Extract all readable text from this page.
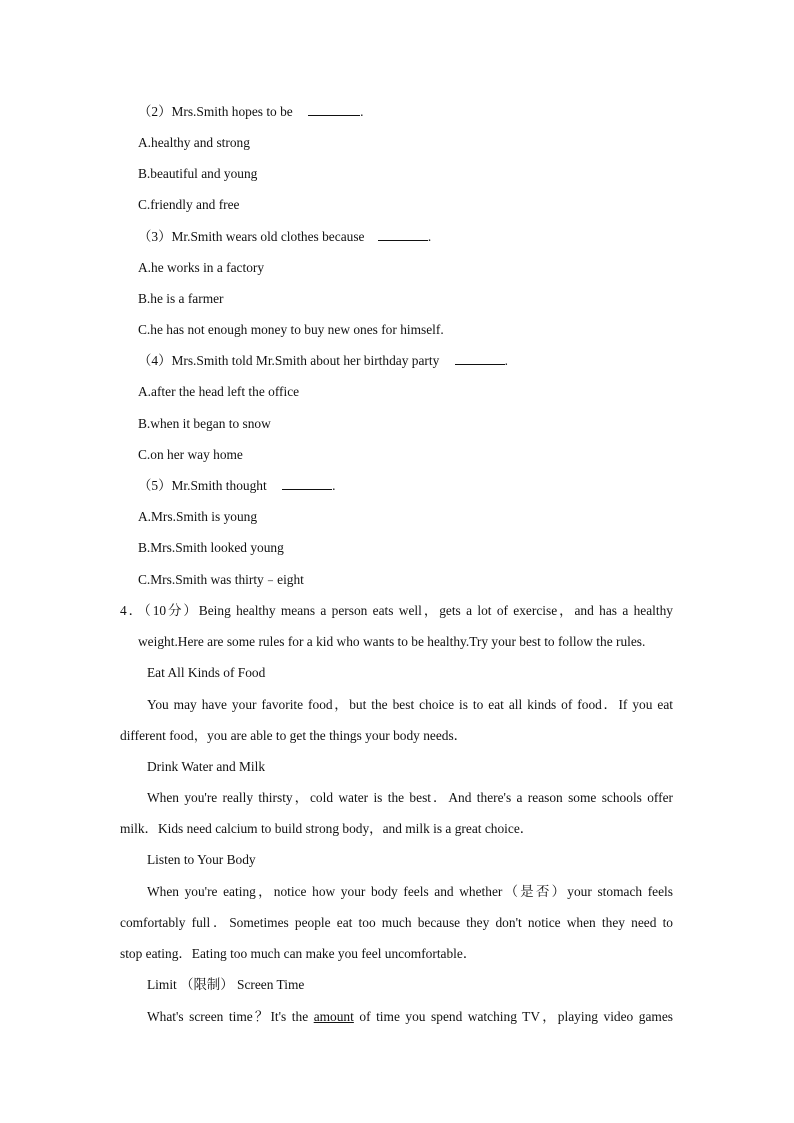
（2）Mrs.Smith hopes to be	.
A.healthy and strong
B.beautiful and young
C.friendly and free
（3）Mr.Smith wears old clothes because	.
A.he works in a factory
B.he is a farmer
C.he has not enough money to buy new ones for himself.
（4）Mrs.Smith told Mr.Smith about her birthday party	.
A.after the head left the office
B.when it began to snow
C.on her way home
（5）Mr.Smith thought	.
A.Mrs.Smith is young
B.Mrs.Smith looked young
C.Mrs.Smith was thirty﹣eight
4．（10分）Being healthy means a person eats well，gets a lot of exercise，and has a healthy
weight.Here are some rules for a kid who wants to be healthy.Try your best to follow the rules.
Eat All Kinds of Food
You may have your favorite food，but the best choice is to eat all kinds of food．If you eat
different food，you are able to get the things your body needs．
Drink Water and Milk
When you're really thirsty，cold water is the best．And there's a reason some schools offer
milk．Kids need calcium to build strong body，and milk is a great choice．
Listen to Your Body
When you're eating，notice how your body feels and whether（是否）your stomach feels
comfortably full．Sometimes people eat too much because they don't notice when they need to
stop eating．Eating too much can make you feel uncomfortable．
Limit （限制） Screen Time
What's screen time？It's the amount of time you spend watching TV，playing video games
